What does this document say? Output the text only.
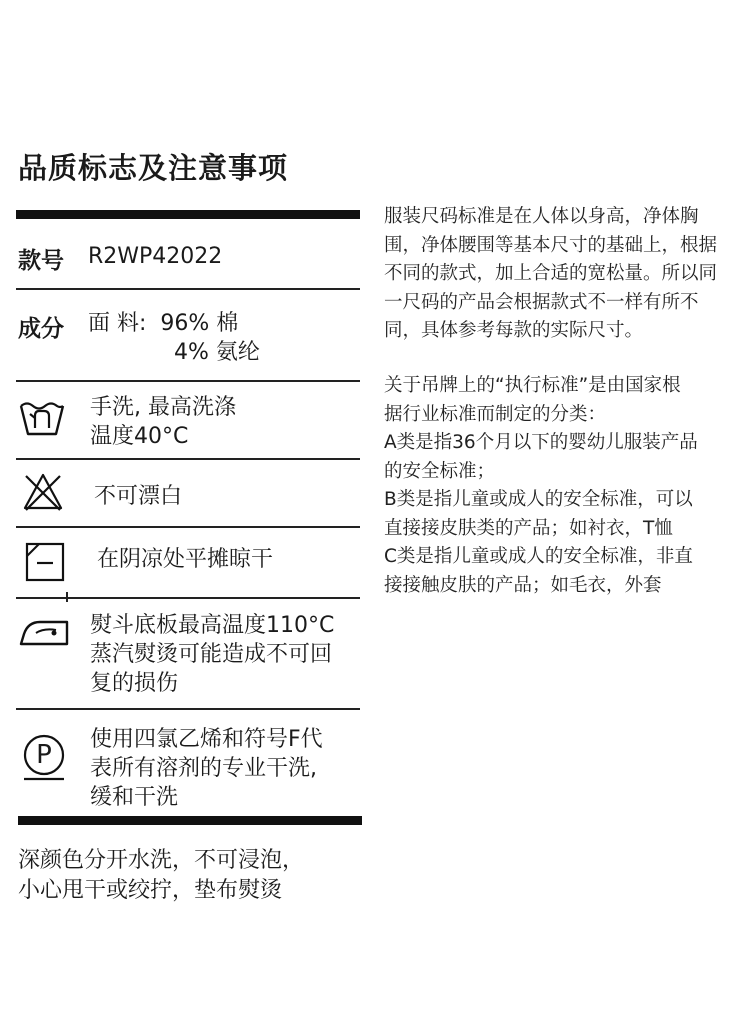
品质标志及注意事项
款号 R2WP42022
成分 面 料:  96% 棉
4% 氨纶
手洗, 最高洗涤
温度40°C
不可漂白
在阴凉处平摊晾干
熨斗底板最高温度110°C
蒸汽熨烫可能造成不可回
复的损伤
P
使用四氯乙烯和符号F代
表所有溶剂的专业干洗,
缓和干洗
深颜色分开水洗，不可浸泡，
小心甩干或绞拧，垫布熨烫
服装尺码标准是在人体以身高，净体胸
围，净体腰围等基本尺寸的基础上，根据
不同的款式，加上合适的宽松量。所以同
一尺码的产品会根据款式不一样有所不
同，具体参考每款的实际尺寸。
关于吊牌上的“执行标准”是由国家根
据行业标准而制定的分类：
A类是指36个月以下的婴幼儿服装产品
的安全标准；
B类是指儿童或成人的安全标准，可以
直接接皮肤类的产品；如衬衣，T恤
C类是指儿童或成人的安全标准，非直
接接触皮肤的产品；如毛衣，外套
